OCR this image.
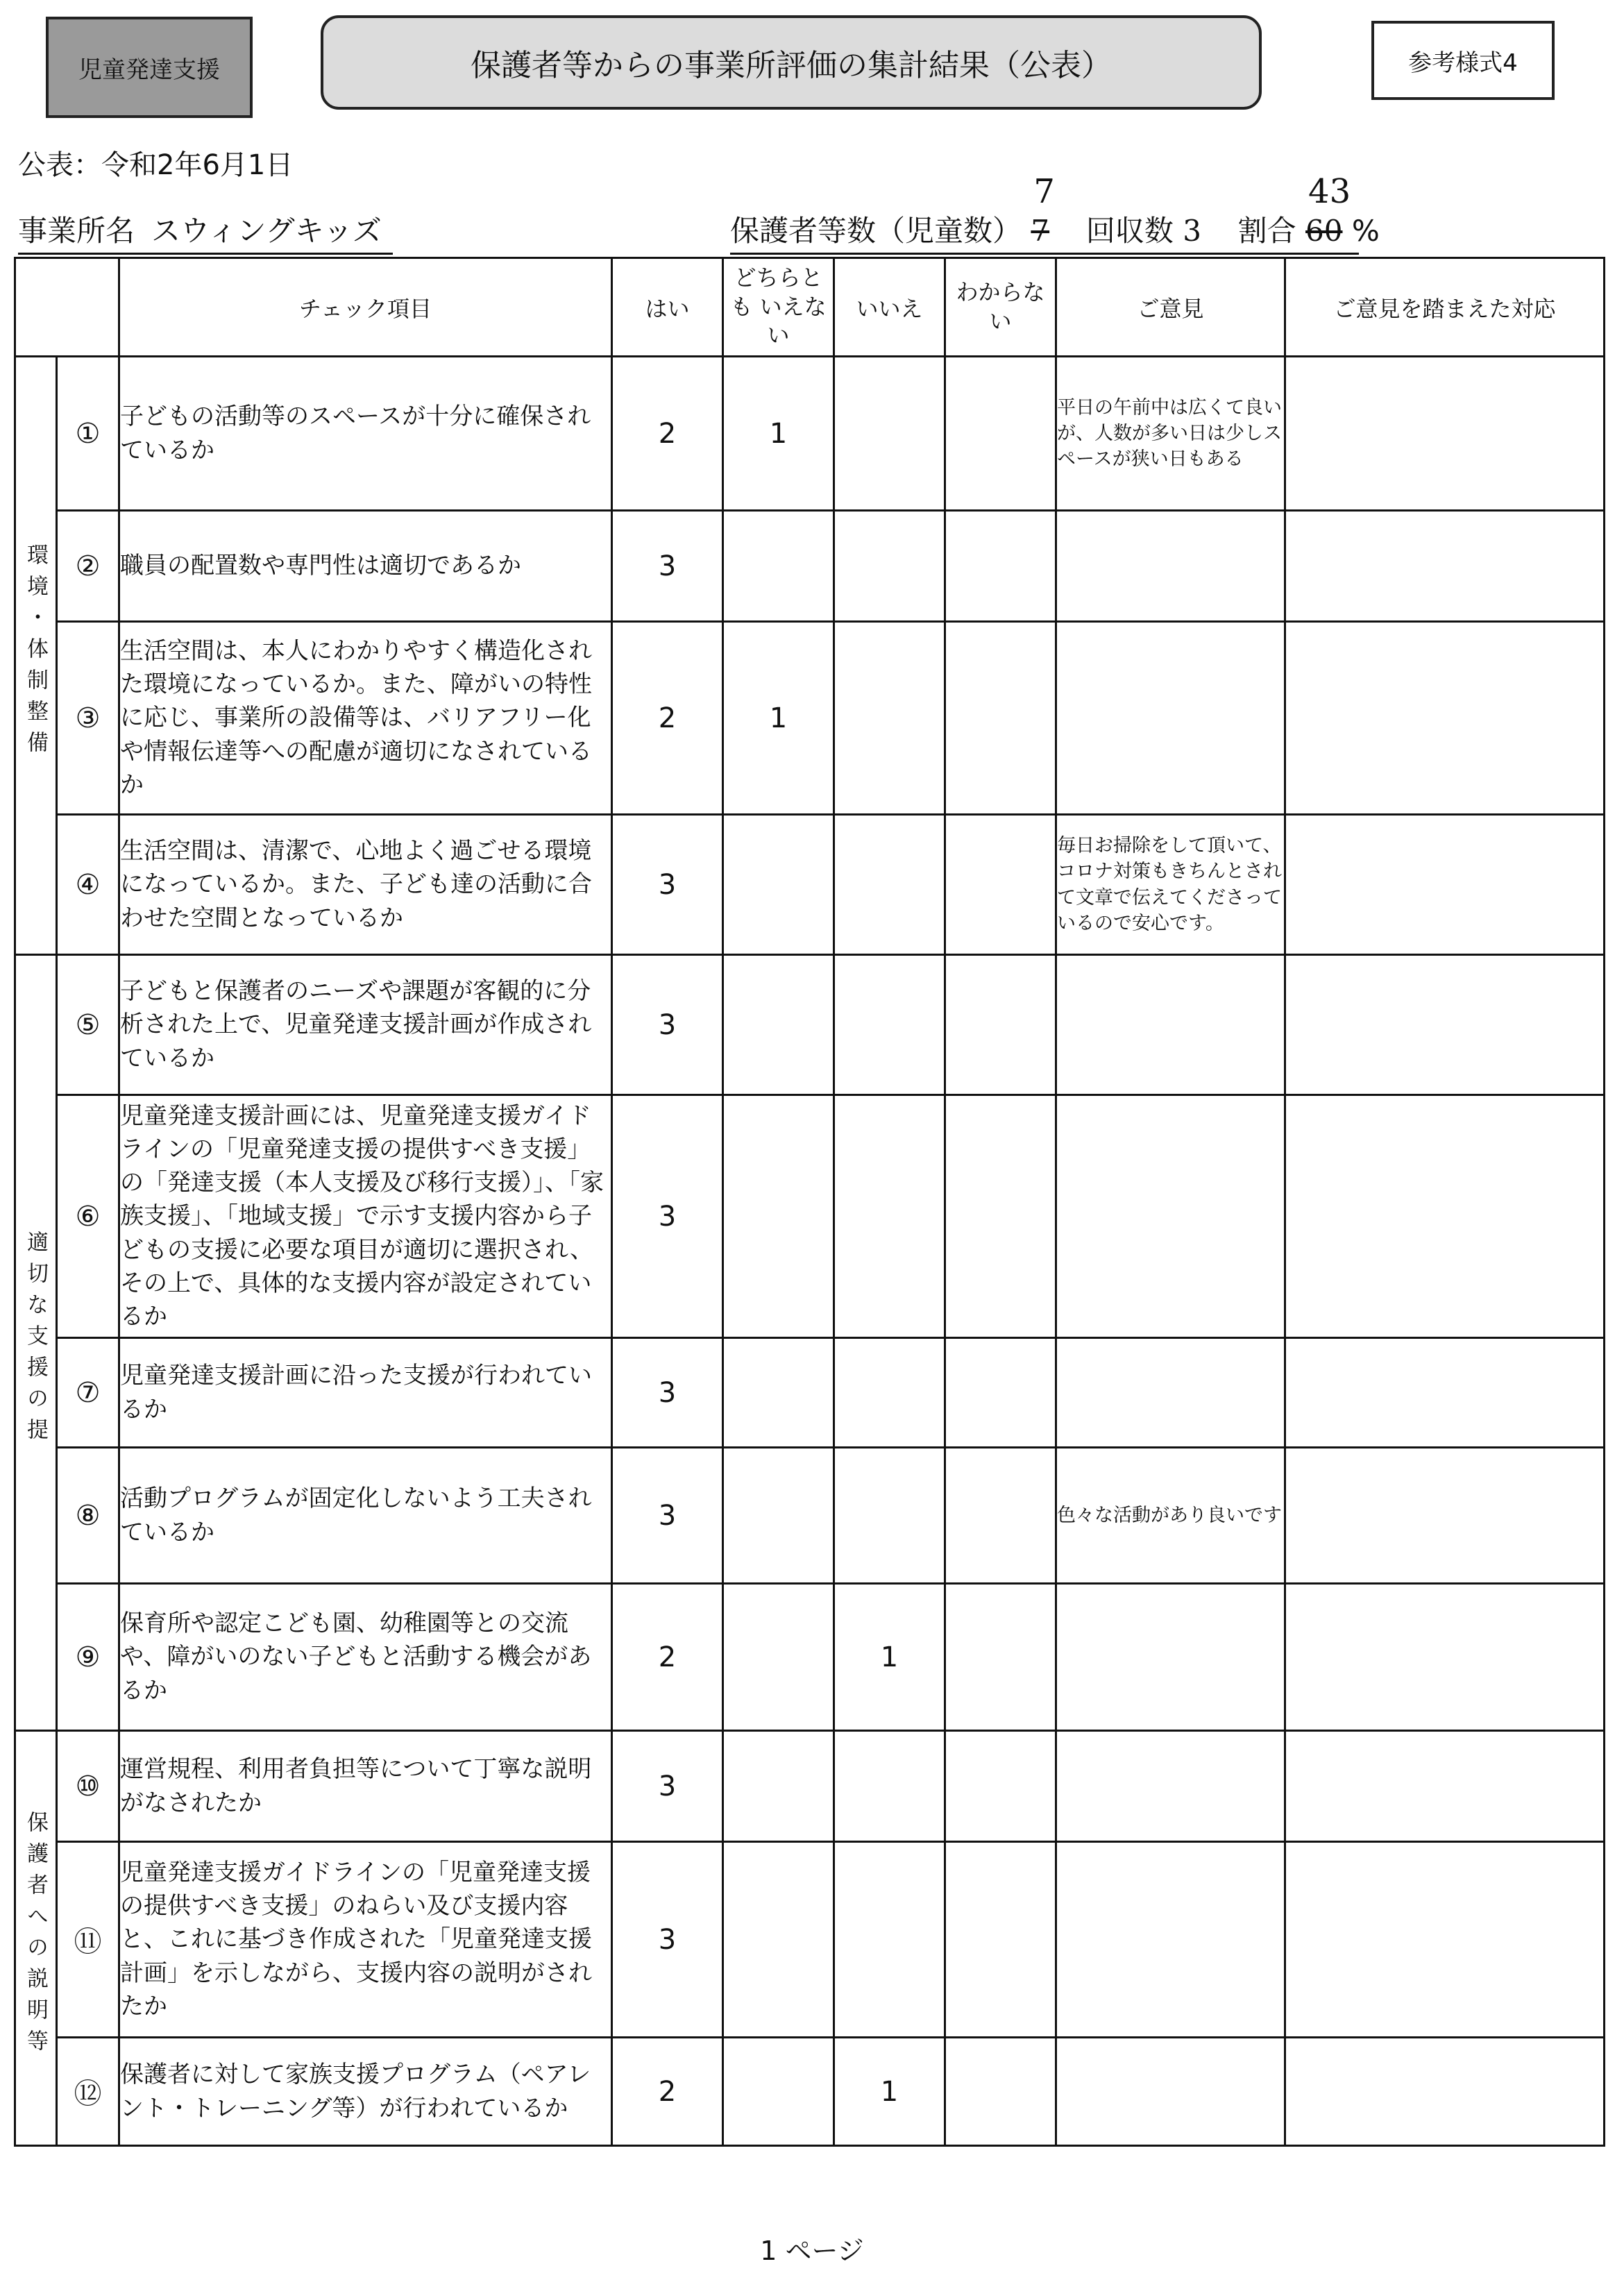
児童発達支援	保護者等からの事業所評価の集計結果（公表）	参考様式4
公表：令和2年6月1日
事業所名 スウィングキッズ	保護者等数（児童数）
7
7 回収数 3 割合
43
60 %
		チェック項目	はい	どちらとも いえない	いいえ	わからな い	ご意見	ご意見を踏まえた対応
環境・体制整備	①	子どもの活動等のスペースが十分に確保されているか	2	1			平日の午前中は広くて良いが、人数が多い日は少しスペースが狭い日もある	
	②	職員の配置数や専門性は適切であるか	3					
	③	生活空間は、本人にわかりやすく構造化された環境になっているか。また、障がいの特性に応じ、事業所の設備等は、バリアフリー化や情報伝達等への配慮が適切になされているか	2	1				
	④	生活空間は、清潔で、心地よく過ごせる環境になっているか。また、子ども達の活動に合わせた空間となっているか	3				毎日お掃除をして頂いて、コロナ対策もきちんとされて文章で伝えてくださっているので安心です。	
適切な支援の提	⑤	子どもと保護者のニーズや課題が客観的に分析された上で、児童発達支援計画が作成されているか	3					
	⑥	児童発達支援計画には、児童発達支援ガイドラインの「児童発達支援の提供すべき支援」の「発達支援（本人支援及び移行支援）」、「家族支援」、「地域支援」で示す支援内容から子どもの支援に必要な項目が適切に選択され、その上で、具体的な支援内容が設定されているか	3					
	⑦	児童発達支援計画に沿った支援が行われているか	3					
	⑧	活動プログラムが固定化しないよう工夫されているか	3				色々な活動があり良いです	
	⑨	保育所や認定こども園、幼稚園等との交流や、障がいのない子どもと活動する機会があるか	2		1			
保護者への説明等	⑩	運営規程、利用者負担等について丁寧な説明がなされたか	3					
	⑪	児童発達支援ガイドラインの「児童発達支援の提供すべき支援」のねらい及び支援内容と、これに基づき作成された「児童発達支援計画」を示しながら、支援内容の説明がされたか	3					
	⑫	保護者に対して家族支援プログラム（ペアレント・トレーニング等）が行われているか	2		1			
1 ページ
